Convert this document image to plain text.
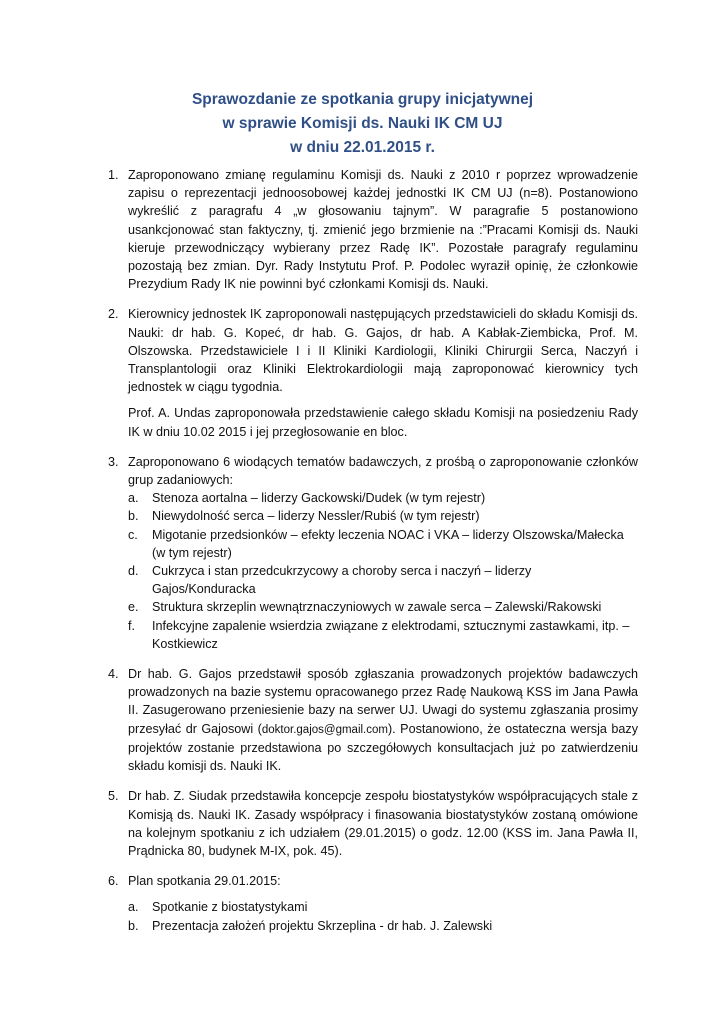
Sprawozdanie ze spotkania grupy inicjatywnej
w sprawie Komisji ds. Nauki IK CM UJ
w dniu 22.01.2015 r.
1. Zaproponowano zmianę regulaminu Komisji ds. Nauki z 2010 r poprzez wprowadzenie zapisu o reprezentacji jednoosobowej każdej jednostki IK CM UJ (n=8). Postanowiono wykreślić z paragrafu 4 „w głosowaniu tajnym”. W paragrafie 5 postanowiono usankcjonować stan faktyczny, tj. zmienić jego brzmienie na :”Pracami Komisji ds. Nauki kieruje przewodniczący wybierany przez Radę IK”. Pozostałe paragrafy regulaminu pozostają bez zmian. Dyr. Rady Instytutu Prof. P. Podolec wyraził opinię, że członkowie Prezydium Rady IK nie powinni być członkami Komisji ds. Nauki.
2. Kierownicy jednostek IK zaproponowali następujących przedstawicieli do składu Komisji ds. Nauki: dr hab. G. Kopeć, dr hab. G. Gajos, dr hab. A Kabłak-Ziembicka, Prof. M. Olszowska. Przedstawiciele I i II Kliniki Kardiologii, Kliniki Chirurgii Serca, Naczyń i Transplantologii oraz Kliniki Elektrokardiologii mają zaproponować kierownicy tych jednostek w ciągu tygodnia.
Prof. A. Undas zaproponowała przedstawienie całego składu Komisji na posiedzeniu Rady IK w dniu 10.02 2015 i jej przegłosowanie en bloc.
3. Zaproponowano 6 wiodących tematów badawczych, z prośbą o zaproponowanie członków grup zadaniowych:
a. Stenoza aortalna – liderzy Gackowski/Dudek (w tym rejestr)
b. Niewydolność serca – liderzy Nessler/Rubiś (w tym rejestr)
c. Migotanie przedsionków – efekty leczenia NOAC i VKA – liderzy Olszowska/Małecka (w tym rejestr)
d. Cukrzyca i stan przedcukrzycowy a choroby serca i naczyń – liderzy Gajos/Konduracka
e. Struktura skrzeplin wewnątrznaczyniowych w zawale serca – Zalewski/Rakowski
f. Infekcyjne zapalenie wsierdzia związane z elektrodami, sztucznymi zastawkami, itp. – Kostkiewicz
4. Dr hab. G. Gajos przedstawił sposób zgłaszania prowadzonych projektów badawczych prowadzonych na bazie systemu opracowanego przez Radę Naukową KSS im Jana Pawła II. Zasugerowano przeniesienie bazy na serwer UJ. Uwagi do systemu zgłaszania prosimy przesyłać dr Gajosowi (doktor.gajos@gmail.com). Postanowiono, że ostateczna wersja bazy projektów zostanie przedstawiona po szczegółowych konsultacjach już po zatwierdzeniu składu komisji ds. Nauki IK.
5. Dr hab. Z. Siudak przedstawiła koncepcje zespołu biostatystyków współpracujących stale z Komisją ds. Nauki IK. Zasady współpracy i finasowania biostatystyków zostaną omówione na kolejnym spotkaniu z ich udziałem (29.01.2015) o godz. 12.00 (KSS im. Jana Pawła II, Prądnicka 80, budynek M-IX, pok. 45).
6. Plan spotkania 29.01.2015:
a. Spotkanie z biostatystykami
b. Prezentacja założeń projektu Skrzeplina - dr hab. J. Zalewski
